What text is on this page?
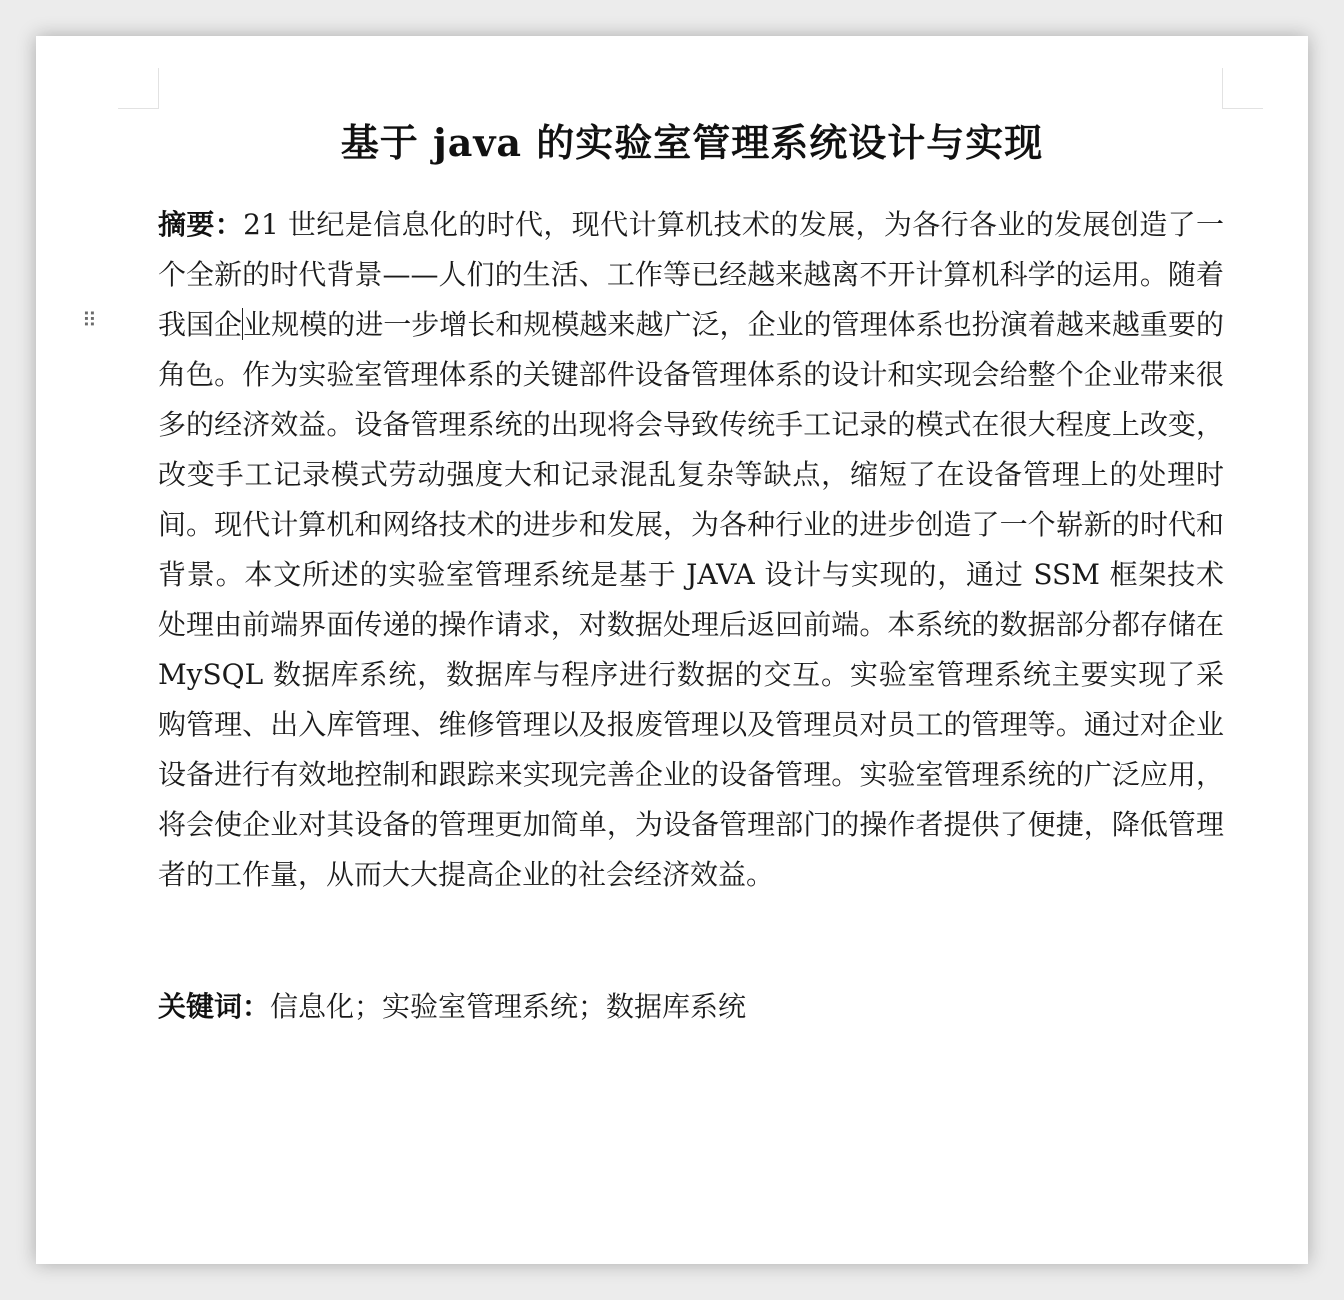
⠿
基于 java 的实验室管理系统设计与实现

摘要：21 世纪是信息化的时代，现代计算机技术的发展，为各行各业的发展创造了一个全新的时代背景——人们的生活、工作等已经越来越离不开计算机科学的运用。随着我国企业规模的进一步增长和规模越来越广泛，企业的管理体系也扮演着越来越重要的角色。作为实验室管理体系的关键部件设备管理体系的设计和实现会给整个企业带来很多的经济效益。设备管理系统的出现将会导致传统手工记录的模式在很大程度上改变，改变手工记录模式劳动强度大和记录混乱复杂等缺点，缩短了在设备管理上的处理时间。现代计算机和网络技术的进步和发展，为各种行业的进步创造了一个崭新的时代和背景。本文所述的实验室管理系统是基于 JAVA 设计与实现的，通过 SSM 框架技术处理由前端界面传递的操作请求，对数据处理后返回前端。本系统的数据部分都存储在 MySQL 数据库系统，数据库与程序进行数据的交互。实验室管理系统主要实现了采购管理、出入库管理、维修管理以及报废管理以及管理员对员工的管理等。通过对企业设备进行有效地控制和跟踪来实现完善企业的设备管理。实验室管理系统的广泛应用，将会使企业对其设备的管理更加简单，为设备管理部门的操作者提供了便捷，降低管理者的工作量，从而大大提高企业的社会经济效益。

关键词：信息化；实验室管理系统；数据库系统
